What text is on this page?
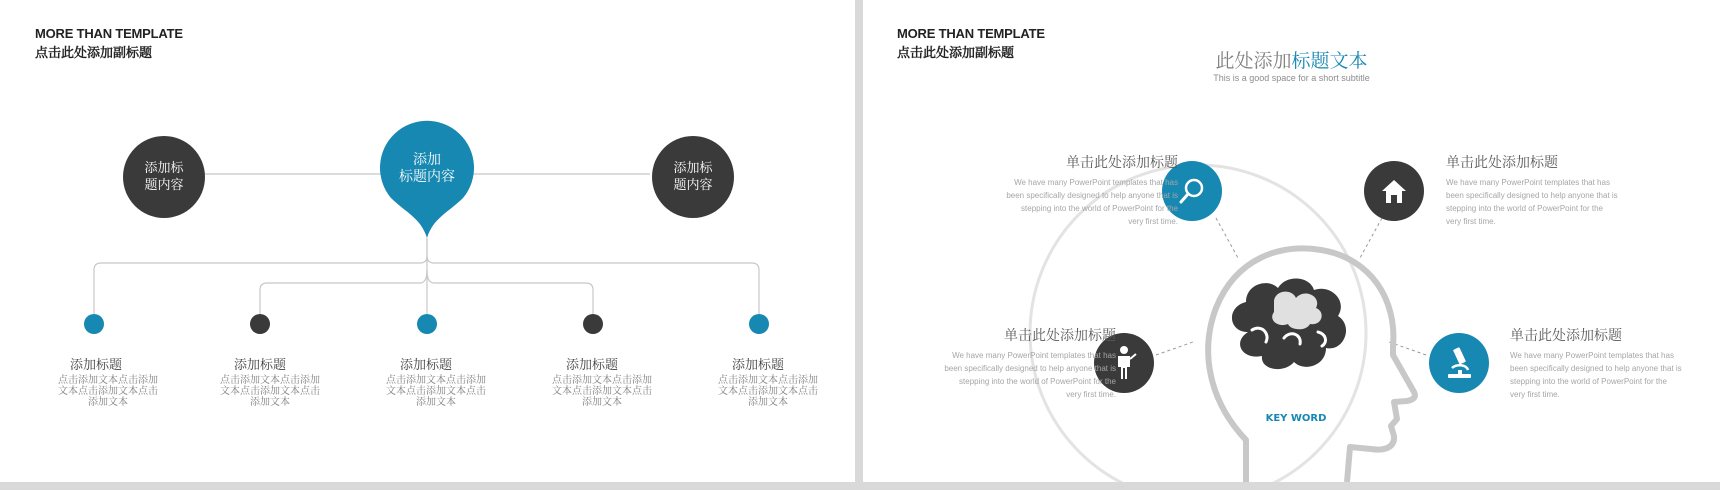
MORE THAN TEMPLATE
点击此处添加副标题
添加标
题内容
添加标
题内容
添加
标题内容
添加标题	添加标题	添加标题	添加标题	添加标题
点击添加文本点击添加
文本点击添加文本点击
添加文本
点击添加文本点击添加
文本点击添加文本点击
添加文本
点击添加文本点击添加
文本点击添加文本点击
添加文本
点击添加文本点击添加
文本点击添加文本点击
添加文本
点击添加文本点击添加
文本点击添加文本点击
添加文本
MORE THAN TEMPLATE
点击此处添加副标题	此处添加标题文本
This is a good space for a short subtitle
KEY WORD
单击此处添加标题
We have many PowerPoint templates that has
been specifically designed to help anyone that is
stepping into the world of PowerPoint for the
very first time.
单击此处添加标题
We have many PowerPoint templates that has
been specifically designed to help anyone that is
stepping into the world of PowerPoint for the
very first time.
单击此处添加标题
We have many PowerPoint templates that has
been specifically designed to help anyone that is
stepping into the world of PowerPoint for the
very first time.
单击此处添加标题
We have many PowerPoint templates that has
been specifically designed to help anyone that is
stepping into the world of PowerPoint for the
very first time.
